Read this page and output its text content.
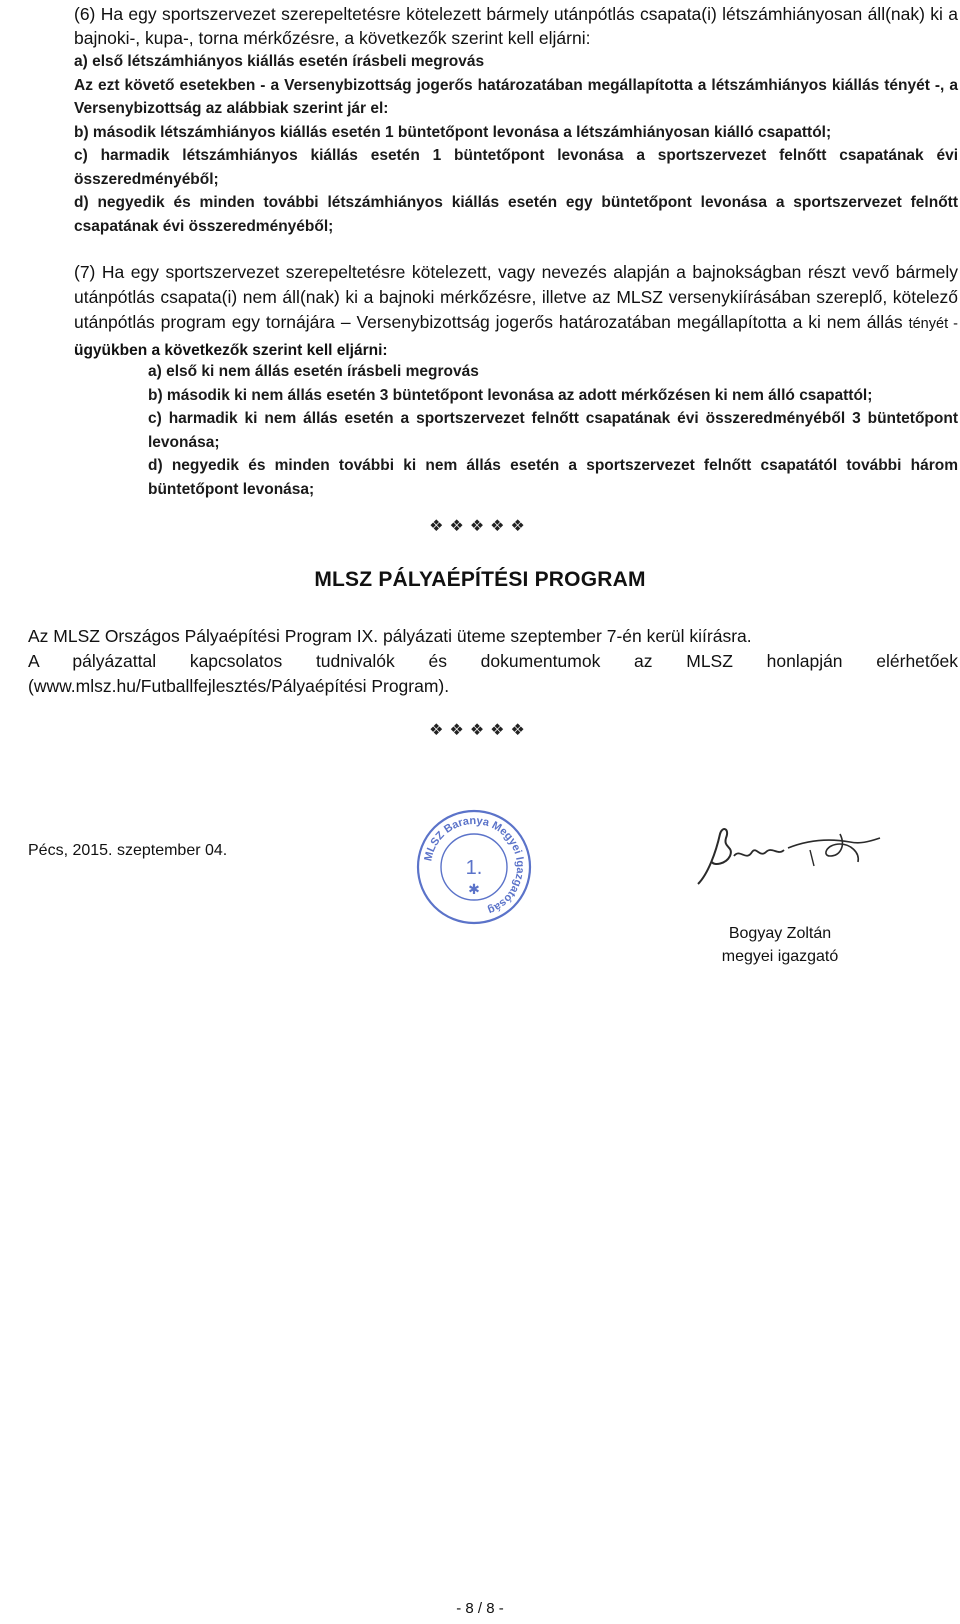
(6) Ha egy sportszervezet szerepeltetésre kötelezett bármely utánpótlás csapata(i) létszámhiányosan áll(nak) ki a bajnoki-, kupa-, torna mérkőzésre, a következők szerint kell eljárni:

a) első létszámhiányos kiállás esetén írásbeli megrovás

Az ezt követő esetekben - a Versenybizottság jogerős határozatában megállapította a létszámhiányos kiállás tényét -, a Versenybizottság az alábbiak szerint jár el:

b) második létszámhiányos kiállás esetén 1 büntetőpont levonása a létszámhiányosan kiálló csapattól;

c) harmadik létszámhiányos kiállás esetén 1 büntetőpont levonása a sportszervezet felnőtt csapatának évi összeredményéből;

d) negyedik és minden további létszámhiányos kiállás esetén egy büntetőpont levonása a sportszervezet felnőtt csapatának évi összeredményéből;

(7) Ha egy sportszervezet szerepeltetésre kötelezett, vagy nevezés alapján a bajnokságban részt vevő bármely utánpótlás csapata(i) nem áll(nak) ki a bajnoki mérkőzésre, illetve az MLSZ versenykiírásában szereplő, kötelező utánpótlás program egy tornájára – Versenybizottság jogerős határozatában megállapította a ki nem állás tényét - ügyükben a következők szerint kell eljárni:

a) első ki nem állás esetén írásbeli megrovás

b) második ki nem állás esetén 3 büntetőpont levonása az adott mérkőzésen ki nem álló csapattól;

c) harmadik ki nem állás esetén a sportszervezet felnőtt csapatának évi összeredményéből 3 büntetőpont levonása;

d) negyedik és minden további ki nem állás esetén a sportszervezet felnőtt csapatától további három büntetőpont levonása;

❖❖❖❖❖
MLSZ PÁLYAÉPÍTÉSI PROGRAM

Az MLSZ Országos Pályaépítési Program IX. pályázati üteme szeptember 7-én kerül kiírásra.

A pályázattal kapcsolatos tudnivalók és dokumentumok az MLSZ honlapján elérhetőek (www.mlsz.hu/Futballfejlesztés/Pályaépítési Program).

❖❖❖❖❖
Pécs, 2015. szeptember 04.	MLSZ Baranya Megyei Igazgatóság
1.
✱
Bogyay Zoltán
megyei igazgató
- 8 / 8 -
